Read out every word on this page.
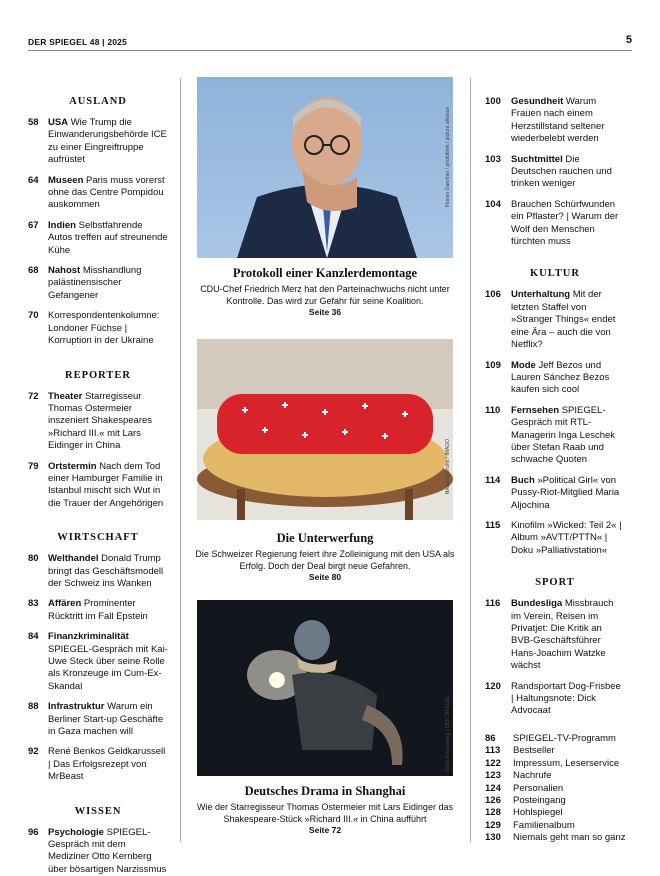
DER SPIEGEL 48 | 2025	5
AUSLAND
58 USA Wie Trump die Einwanderungsbehörde ICE zu einer Eingreiftruppe aufrüstet
64 Museen Paris muss vorerst ohne das Centre Pompidou auskommen
67 Indien Selbstfahrende Autos treffen auf streunende Kühe
68 Nahost Misshandlung palästinensischer Gefangener
70 Korrespondentenkolumne: Londoner Füchse | Korruption in der Ukraine
REPORTER
72 Theater Starregisseur Thomas Ostermeier inszeniert Shakespeares »Richard III.« mit Lars Eidinger in China
79 Ortstermin Nach dem Tod einer Hamburger Familie in Istanbul mischt sich Wut in die Trauer der Angehörigen
WIRTSCHAFT
80 Welthandel Donald Trump bringt das Geschäftsmodell der Schweiz ins Wanken
83 Affären Prominenter Rücktritt im Fall Epstein
84 Finanzkriminalität SPIEGEL-Gespräch mit Kai-Uwe Steck über seine Rolle als Kronzeuge im Cum-Ex-Skandal
88 Infrastruktur Warum ein Berliner Start-up Geschäfte in Gaza machen will
92 René Benkos Geldkarussell | Das Erfolgsrezept von MrBeast
WISSEN
96 Psychologie SPIEGEL-Gespräch mit dem Mediziner Otto Kernberg über bösartigen Narzissmus
Florian Gaertner / photothek / picture alliance
Protokoll einer Kanzlerdemontage

CDU-Chef Friedrich Merz hat den Parteinachwuchs nicht unter Kontrolle. Das wird zur Gefahr für seine Koalition.

Seite 36

Nikolai Kollrohs / IMAGO
Die Unterwerfung

Die Schweizer Regierung feiert ihre Zolleinigung mit den USA als Erfolg. Doch der Deal birgt neue Gefahren.

Seite 80

Elliott Kreyenberg / DER SPIEGEL
Deutsches Drama in Shanghai

Wie der Starregisseur Thomas Ostermeier mit Lars Eidinger das Shakespeare-Stück »Richard III.« in China aufführt

Seite 72

100	Gesundheit Warum Frauen nach einem Herzstillstand seltener wiederbelebt werden
103	Suchtmittel Die Deutschen rauchen und trinken weniger
104	Brauchen Schürfwunden ein Pflaster? | Warum der Wolf den Menschen fürchten muss
KULTUR
106	Unterhaltung Mit der letzten Staffel von »Stranger Things« endet eine Ära – auch die von Netflix?
109	Mode Jeff Bezos und Lauren Sánchez Bezos kaufen sich cool
110	Fernsehen SPIEGEL-Gespräch mit RTL-Managerin Inga Leschek über Stefan Raab und schwache Quoten
114	Buch »Political Girl« von Pussy-Riot-Mitglied Maria Aljochina
115	Kinofilm »Wicked: Teil 2« | Album »AVTT/PTTN« | Doku »Palliativstation«
SPORT
116	Bundesliga Missbrauch im Verein, Reisen im Privatjet: Die Kritik an BVB-Geschäftsführer Hans-Joachim Watzke wächst
120	Randsportart Dog-Frisbee | Haltungsnote: Dick Advocaat
86	SPIEGEL-TV-Programm
113	Bestseller
122	Impressum, Leserservice
123	Nachrufe
124	Personalien
126	Posteingang
128	Hohlspiegel
129	Familienalbum
130	Niemals geht man so ganz
